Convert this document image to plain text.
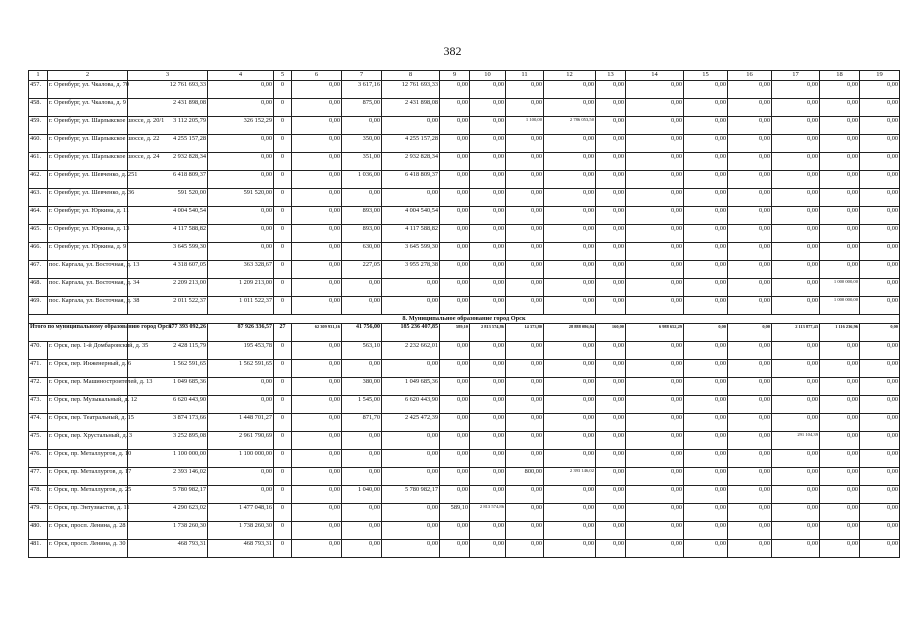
382
1	2	3	4	5	6	7	8	9	10	11	12	13	14	15	16	17	18	19
457.	г. Оренбург, ул. Чкалова, д. 70	12 761 693,33	0,00	0	0,00	3 617,16	12 761 693,33	0,00	0,00	0,00	0,00	0,00	0,00	0,00	0,00	0,00	0,00	0,00
458.	г. Оренбург, ул. Чкалова, д. 9	2 431 898,08	0,00	0	0,00	875,00	2 431 898,08	0,00	0,00	0,00	0,00	0,00	0,00	0,00	0,00	0,00	0,00	0,00
459.	г. Оренбург, ул. Шарлыкское шоссе, д. 20/1	3 112 205,79	326 152,29	0	0,00	0,00	0,00	0,00	0,00	1 100,00	2 786 053,50	0,00	0,00	0,00	0,00	0,00	0,00	0,00
460.	г. Оренбург, ул. Шарлыкское шоссе, д. 22	4 255 157,28	0,00	0	0,00	350,00	4 255 157,28	0,00	0,00	0,00	0,00	0,00	0,00	0,00	0,00	0,00	0,00	0,00
461.	г. Оренбург, ул. Шарлыкское шоссе, д. 24	2 932 828,34	0,00	0	0,00	351,00	2 932 828,34	0,00	0,00	0,00	0,00	0,00	0,00	0,00	0,00	0,00	0,00	0,00
462.	г. Оренбург, ул. Шевченко, д. 251	6 418 809,37	0,00	0	0,00	1 036,00	6 418 809,37	0,00	0,00	0,00	0,00	0,00	0,00	0,00	0,00	0,00	0,00	0,00
463.	г. Оренбург, ул. Шевченко, д. 36	591 520,00	591 520,00	0	0,00	0,00	0,00	0,00	0,00	0,00	0,00	0,00	0,00	0,00	0,00	0,00	0,00	0,00
464.	г. Оренбург, ул. Юркина, д. 11	4 004 540,54	0,00	0	0,00	893,00	4 004 540,54	0,00	0,00	0,00	0,00	0,00	0,00	0,00	0,00	0,00	0,00	0,00
465.	г. Оренбург, ул. Юркина, д. 13	4 117 588,82	0,00	0	0,00	893,00	4 117 588,82	0,00	0,00	0,00	0,00	0,00	0,00	0,00	0,00	0,00	0,00	0,00
466.	г. Оренбург, ул. Юркина, д. 9	3 645 599,30	0,00	0	0,00	630,00	3 645 599,30	0,00	0,00	0,00	0,00	0,00	0,00	0,00	0,00	0,00	0,00	0,00
467.	пос. Каргала, ул. Восточная, д. 13	4 318 607,05	363 328,67	0	0,00	227,05	3 955 278,38	0,00	0,00	0,00	0,00	0,00	0,00	0,00	0,00	0,00	0,00	0,00
468.	пос. Каргала, ул. Восточная, д. 34	2 209 213,00	1 209 213,00	0	0,00	0,00	0,00	0,00	0,00	0,00	0,00	0,00	0,00	0,00	0,00	0,00	1 000 000,00	0,00
469.	пос. Каргала, ул. Восточная, д. 38	2 011 522,37	1 011 522,37	0	0,00	0,00	0,00	0,00	0,00	0,00	0,00	0,00	0,00	0,00	0,00	0,00	1 000 000,00	0,00
8. Муниципальное образование город Орск																		
Итого по муниципальному образованию город Орск		377 393 092,26	87 926 336,57	27	62 309 931,16	41 756,00	185 236 407,85	589,10	2 813 574,86	14 373,80	28 888 086,04	160,00	6 988 652,29	0,00	0,00	2 113 877,43	1 116 236,96	0,00
470.	г. Орск, пер. 1-й Домбаровский, д. 35	2 428 115,79	195 453,78	0	0,00	563,10	2 232 662,01	0,00	0,00	0,00	0,00	0,00	0,00	0,00	0,00	0,00	0,00	0,00
471.	г. Орск, пер. Инженерный, д. 6	1 562 591,65	1 562 591,65	0	0,00	0,00	0,00	0,00	0,00	0,00	0,00	0,00	0,00	0,00	0,00	0,00	0,00	0,00
472.	г. Орск, пер. Машиностроителей, д. 13	1 049 685,36	0,00	0	0,00	380,00	1 049 685,36	0,00	0,00	0,00	0,00	0,00	0,00	0,00	0,00	0,00	0,00	0,00
473.	г. Орск, пер. Музыкальный, д. 12	6 620 443,90	0,00	0	0,00	1 545,00	6 620 443,90	0,00	0,00	0,00	0,00	0,00	0,00	0,00	0,00	0,00	0,00	0,00
474.	г. Орск, пер. Театральный, д. 15	3 874 173,66	1 448 701,27	0	0,00	871,70	2 425 472,39	0,00	0,00	0,00	0,00	0,00	0,00	0,00	0,00	0,00	0,00	0,00
475.	г. Орск, пер. Хрустальный, д. 3	3 252 895,08	2 961 790,69	0	0,00	0,00	0,00	0,00	0,00	0,00	0,00	0,00	0,00	0,00	0,00	291 104,39	0,00	0,00
476.	г. Орск, пр. Металлургов, д. 10	1 100 000,00	1 100 000,00	0	0,00	0,00	0,00	0,00	0,00	0,00	0,00	0,00	0,00	0,00	0,00	0,00	0,00	0,00
477.	г. Орск, пр. Металлургов, д. 17	2 393 146,02	0,00	0	0,00	0,00	0,00	0,00	0,00	800,00	2 393 146,02	0,00	0,00	0,00	0,00	0,00	0,00	0,00
478.	г. Орск, пр. Металлургов, д. 25	5 780 982,17	0,00	0	0,00	1 040,00	5 780 982,17	0,00	0,00	0,00	0,00	0,00	0,00	0,00	0,00	0,00	0,00	0,00
479.	г. Орск, пр. Энтузиастов, д. 11	4 290 623,02	1 477 048,16	0	0,00	0,00	0,00	589,10	2 813 574,86	0,00	0,00	0,00	0,00	0,00	0,00	0,00	0,00	0,00
480.	г. Орск, просп. Ленина, д. 28	1 738 260,30	1 738 260,30	0	0,00	0,00	0,00	0,00	0,00	0,00	0,00	0,00	0,00	0,00	0,00	0,00	0,00	0,00
481.	г. Орск, просп. Ленина, д. 30	468 793,31	468 793,31	0	0,00	0,00	0,00	0,00	0,00	0,00	0,00	0,00	0,00	0,00	0,00	0,00	0,00	0,00
